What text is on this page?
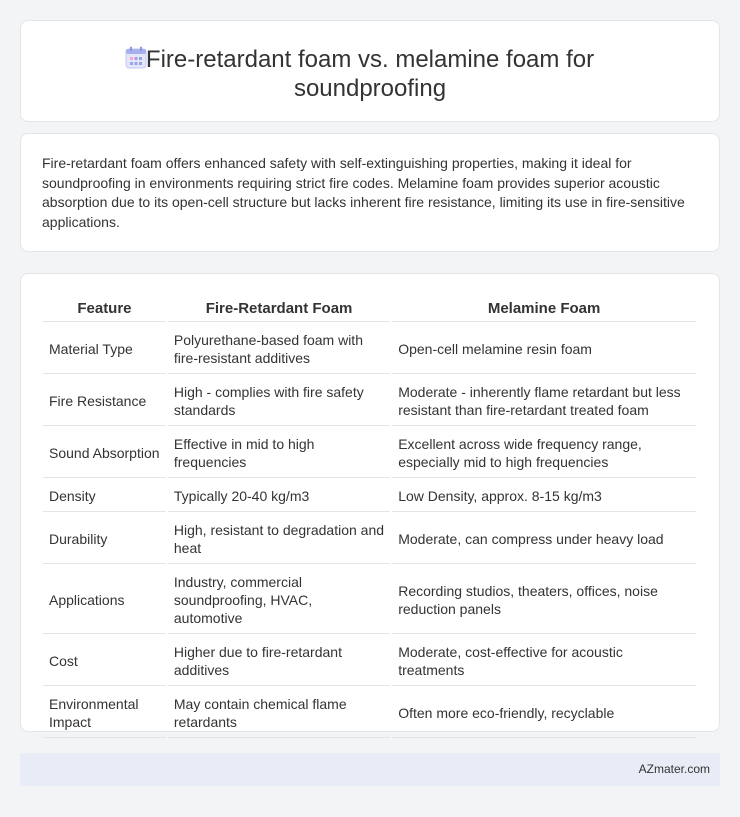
Fire-retardant foam vs. melamine foam for
soundproofing

Fire-retardant foam offers enhanced safety with self-extinguishing properties, making it ideal for soundproofing in environments requiring strict fire codes. Melamine foam provides superior acoustic absorption due to its open-cell structure but lacks inherent fire resistance, limiting its use in fire-sensitive applications.

Feature	Fire-Retardant Foam	Melamine Foam
Material Type	Polyurethane-based foam with fire-resistant additives	Open-cell melamine resin foam
Fire Resistance	High - complies with fire safety standards	Moderate - inherently flame retardant but less resistant than fire-retardant treated foam
Sound Absorption	Effective in mid to high frequencies	Excellent across wide frequency range, especially mid to high frequencies
Density	Typically 20-40 kg/m3	Low Density, approx. 8-15 kg/m3
Durability	High, resistant to degradation and heat	Moderate, can compress under heavy load
Applications	Industry, commercial soundproofing, HVAC, automotive	Recording studios, theaters, offices, noise reduction panels
Cost	Higher due to fire-retardant additives	Moderate, cost-effective for acoustic treatments
Environmental Impact	May contain chemical flame retardants	Often more eco-friendly, recyclable
AZmater.com
